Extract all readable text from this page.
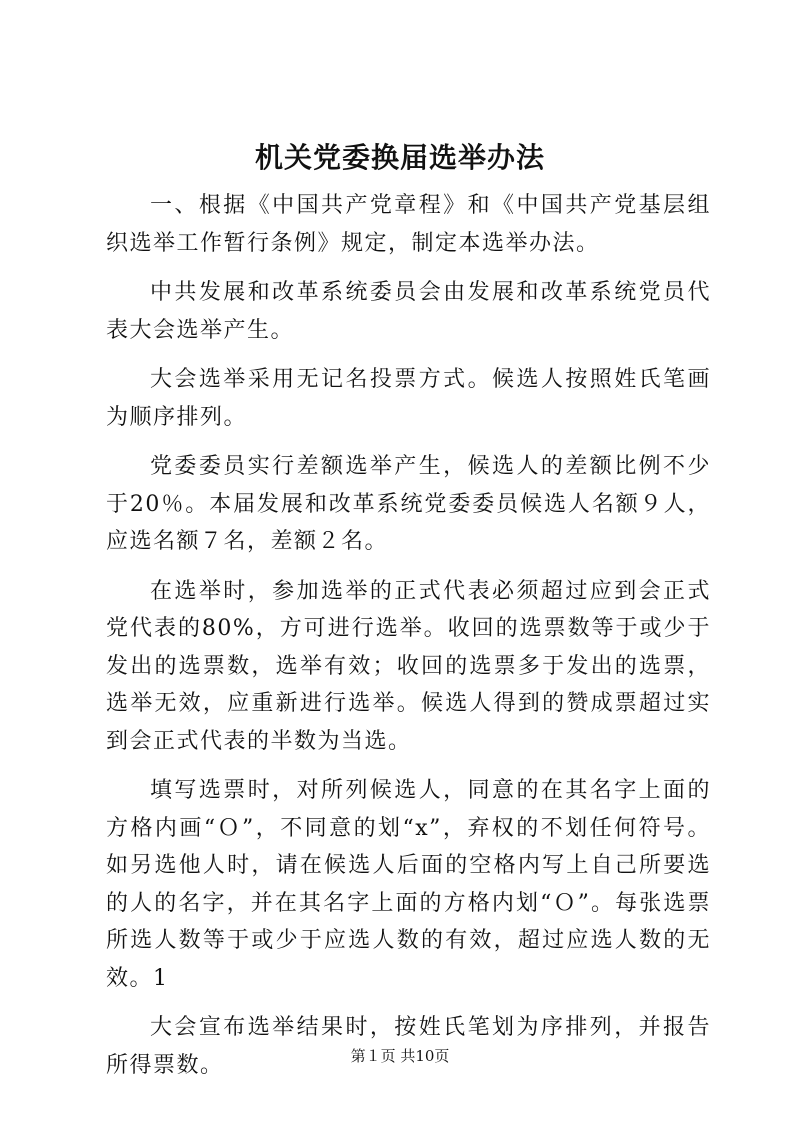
机关党委换届选举办法

一、根据《中国共产党章程》和《中国共产党基层组织选举工作暂行条例》规定，制定本选举办法。

中共发展和改革系统委员会由发展和改革系统党员代表大会选举产生。

大会选举采用无记名投票方式。候选人按照姓氏笔画为顺序排列。

党委委员实行差额选举产生，候选人的差额比例不少于20％。本届发展和改革系统党委委员候选人名额９人，应选名额７名，差额２名。

在选举时，参加选举的正式代表必须超过应到会正式党代表的80%，方可进行选举。收回的选票数等于或少于发出的选票数，选举有效；收回的选票多于发出的选票，选举无效，应重新进行选举。候选人得到的赞成票超过实到会正式代表的半数为当选。

填写选票时，对所列候选人，同意的在其名字上面的方格内画“Ｏ”，不同意的划“x”，弃权的不划任何符号。如另选他人时，请在候选人后面的空格内写上自己所要选的人的名字，并在其名字上面的方格内划“Ｏ”。每张选票所选人数等于或少于应选人数的有效，超过应选人数的无效。1

大会宣布选举结果时，按姓氏笔划为序排列，并报告所得票数。	第１页 共10页
